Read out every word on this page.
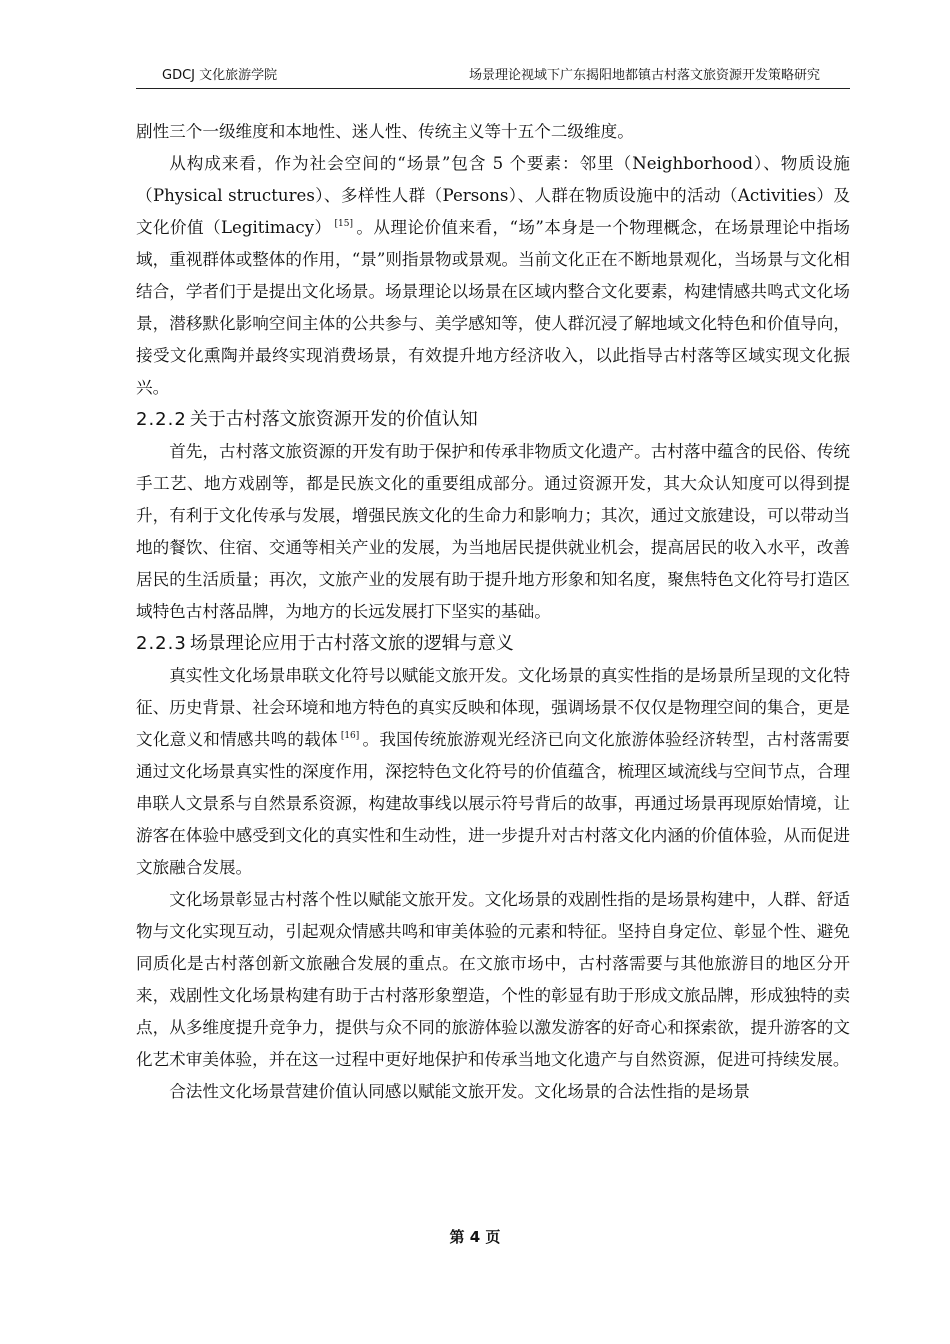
GDCJ 文化旅游学院	场景理论视域下广东揭阳地都镇古村落文旅资源开发策略研究

剧性三个一级维度和本地性、迷人性、传统主义等十五个二级维度。

从构成来看，作为社会空间的“场景”包含 5 个要素：邻里（Neighborhood）、物质设施（Physical structures）、多样性人群（Persons）、人群在物质设施中的活动（Activities）及文化价值（Legitimacy） [15] 。从理论价值来看，“场”本身是一个物理概念，在场景理论中指场域，重视群体或整体的作用，“景”则指景物或景观。当前文化正在不断地景观化，当场景与文化相结合，学者们于是提出文化场景。场景理论以场景在区域内整合文化要素，构建情感共鸣式文化场景，潜移默化影响空间主体的公共参与、美学感知等，使人群沉浸了解地域文化特色和价值导向，接受文化熏陶并最终实现消费场景，有效提升地方经济收入，以此指导古村落等区域实现文化振兴。

2.2.2 关于古村落文旅资源开发的价值认知

首先，古村落文旅资源的开发有助于保护和传承非物质文化遗产。古村落中蕴含的民俗、传统手工艺、地方戏剧等，都是民族文化的重要组成部分。通过资源开发，其大众认知度可以得到提升，有利于文化传承与发展，增强民族文化的生命力和影响力；其次，通过文旅建设，可以带动当地的餐饮、住宿、交通等相关产业的发展，为当地居民提供就业机会，提高居民的收入水平，改善居民的生活质量；再次，文旅产业的发展有助于提升地方形象和知名度，聚焦特色文化符号打造区域特色古村落品牌，为地方的长远发展打下坚实的基础。

2.2.3 场景理论应用于古村落文旅的逻辑与意义

真实性文化场景串联文化符号以赋能文旅开发。文化场景的真实性指的是场景所呈现的文化特征、历史背景、社会环境和地方特色的真实反映和体现，强调场景不仅仅是物理空间的集合，更是文化意义和情感共鸣的载体 [16] 。我国传统旅游观光经济已向文化旅游体验经济转型，古村落需要通过文化场景真实性的深度作用，深挖特色文化符号的价值蕴含，梳理区域流线与空间节点，合理串联人文景系与自然景系资源，构建故事线以展示符号背后的故事，再通过场景再现原始情境，让游客在体验中感受到文化的真实性和生动性，进一步提升对古村落文化内涵的价值体验，从而促进文旅融合发展。

文化场景彰显古村落个性以赋能文旅开发。文化场景的戏剧性指的是场景构建中，人群、舒适物与文化实现互动，引起观众情感共鸣和审美体验的元素和特征。坚持自身定位、彰显个性、避免同质化是古村落创新文旅融合发展的重点。在文旅市场中，古村落需要与其他旅游目的地区分开来，戏剧性文化场景构建有助于古村落形象塑造，个性的彰显有助于形成文旅品牌，形成独特的卖点，从多维度提升竞争力，提供与众不同的旅游体验以激发游客的好奇心和探索欲，提升游客的文化艺术审美体验，并在这一过程中更好地保护和传承当地文化遗产与自然资源，促进可持续发展。

合法性文化场景营建价值认同感以赋能文旅开发。文化场景的合法性指的是场景

第 4 页
